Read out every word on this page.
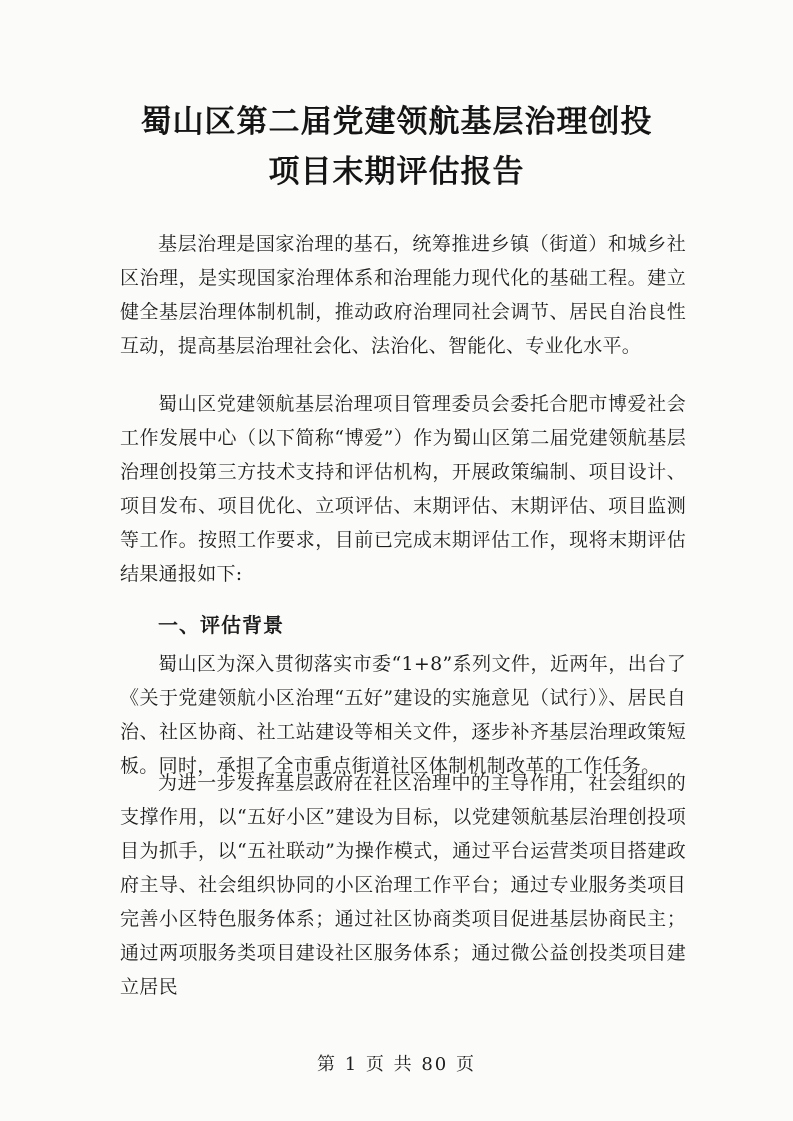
蜀山区第二届党建领航基层治理创投
项目末期评估报告
基层治理是国家治理的基石，统筹推进乡镇（街道）和城乡社区治理，是实现国家治理体系和治理能力现代化的基础工程。建立健全基层治理体制机制，推动政府治理同社会调节、居民自治良性互动，提高基层治理社会化、法治化、智能化、专业化水平。
蜀山区党建领航基层治理项目管理委员会委托合肥市博爱社会工作发展中心（以下简称“博爱”）作为蜀山区第二届党建领航基层治理创投第三方技术支持和评估机构，开展政策编制、项目设计、项目发布、项目优化、立项评估、末期评估、末期评估、项目监测等工作。按照工作要求，目前已完成末期评估工作，现将末期评估结果通报如下:
一、评估背景
蜀山区为深入贯彻落实市委“1+8”系列文件，近两年，出台了《关于党建领航小区治理“五好”建设的实施意见（试行）》、居民自治、社区协商、社工站建设等相关文件，逐步补齐基层治理政策短板。同时，承担了全市重点街道社区体制机制改革的工作任务。
为进一步发挥基层政府在社区治理中的主导作用，社会组织的支撑作用，以“五好小区”建设为目标，以党建领航基层治理创投项目为抓手，以“五社联动”为操作模式，通过平台运营类项目搭建政府主导、社会组织协同的小区治理工作平台；通过专业服务类项目完善小区特色服务体系；通过社区协商类项目促进基层协商民主；通过两项服务类项目建设社区服务体系；通过微公益创投类项目建立居民
第 1 页 共 80 页
